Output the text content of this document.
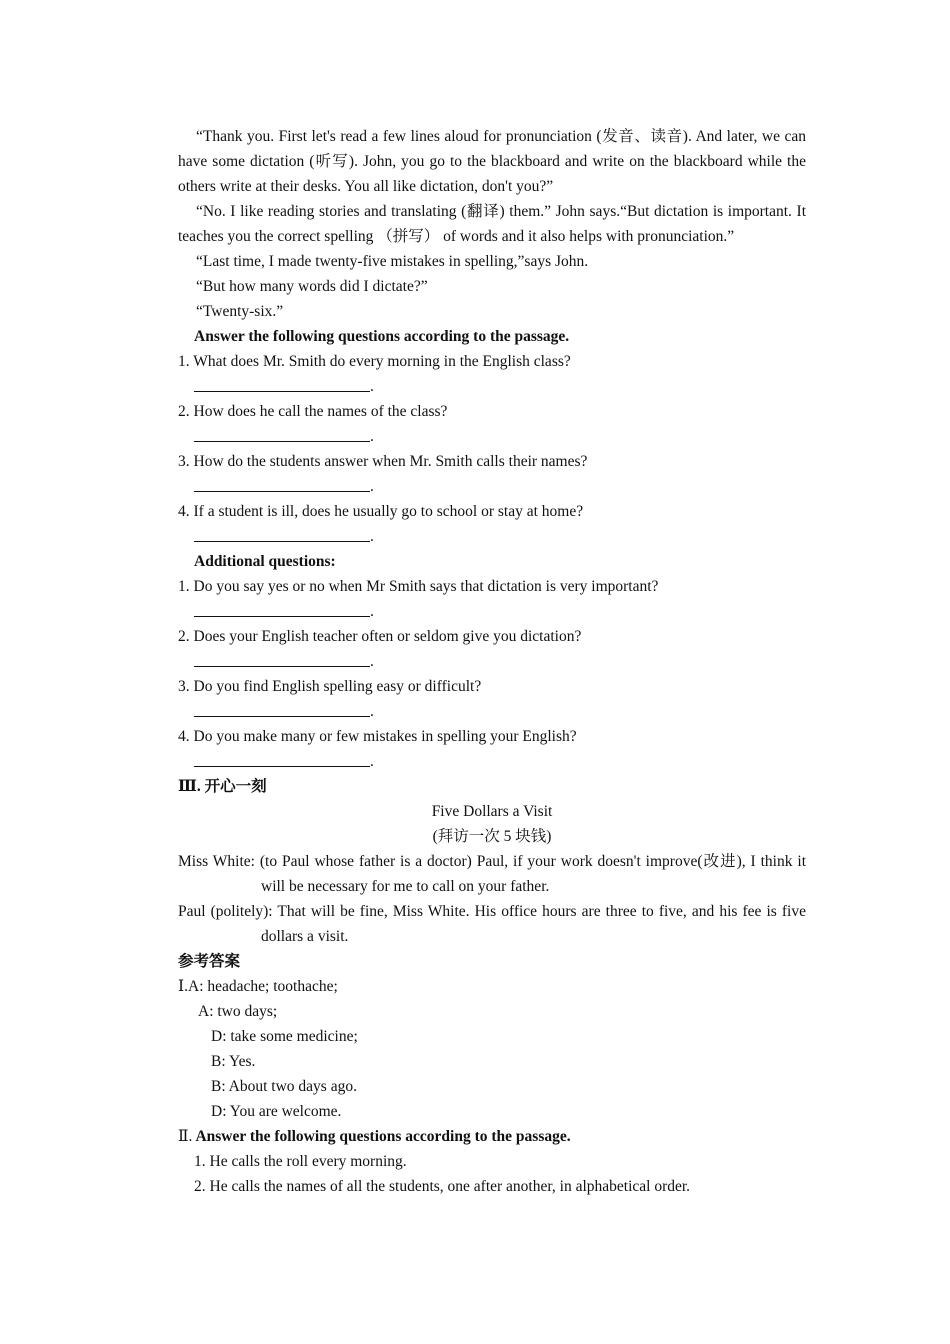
“Thank you. First let's read a few lines aloud for pronunciation (发音、读音). And later, we can have some dictation (听写). John, you go to the blackboard and write on the blackboard while the others write at their desks. You all like dictation, don't you?”

“No. I like reading stories and translating (翻译) them.” John says.“But dictation is important. It teaches you the correct spelling （拼写） of words and it also helps with pronunciation.”

“Last time, I made twenty-five mistakes in spelling,”says John.

“But how many words did I dictate?”

“Twenty-six.”

Answer the following questions according to the passage.

1. What does Mr. Smith do every morning in the English class?

.

2. How does he call the names of the class?

.

3. How do the students answer when Mr. Smith calls their names?

.

4. If a student is ill, does he usually go to school or stay at home?

.

Additional questions:

1. Do you say yes or no when Mr Smith says that dictation is very important?

.

2. Does your English teacher often or seldom give you dictation?

.

3. Do you find English spelling easy or difficult?

.

4. Do you make many or few mistakes in spelling your English?

.

Ⅲ. 开心一刻

Five Dollars a Visit

(拜访一次 5 块钱)

Miss White: (to Paul whose father is a doctor) Paul, if your work doesn't improve(改进), I think it will be necessary for me to call on your father.

Paul (politely): That will be fine, Miss White. His office hours are three to five, and his fee is five dollars a visit.

参考答案

Ⅰ.A: headache; toothache;

A: two days;

D: take some medicine;

B: Yes.

B: About two days ago.

D: You are welcome.

Ⅱ. Answer the following questions according to the passage.

1. He calls the roll every morning.

2. He calls the names of all the students, one after another, in alphabetical order.
